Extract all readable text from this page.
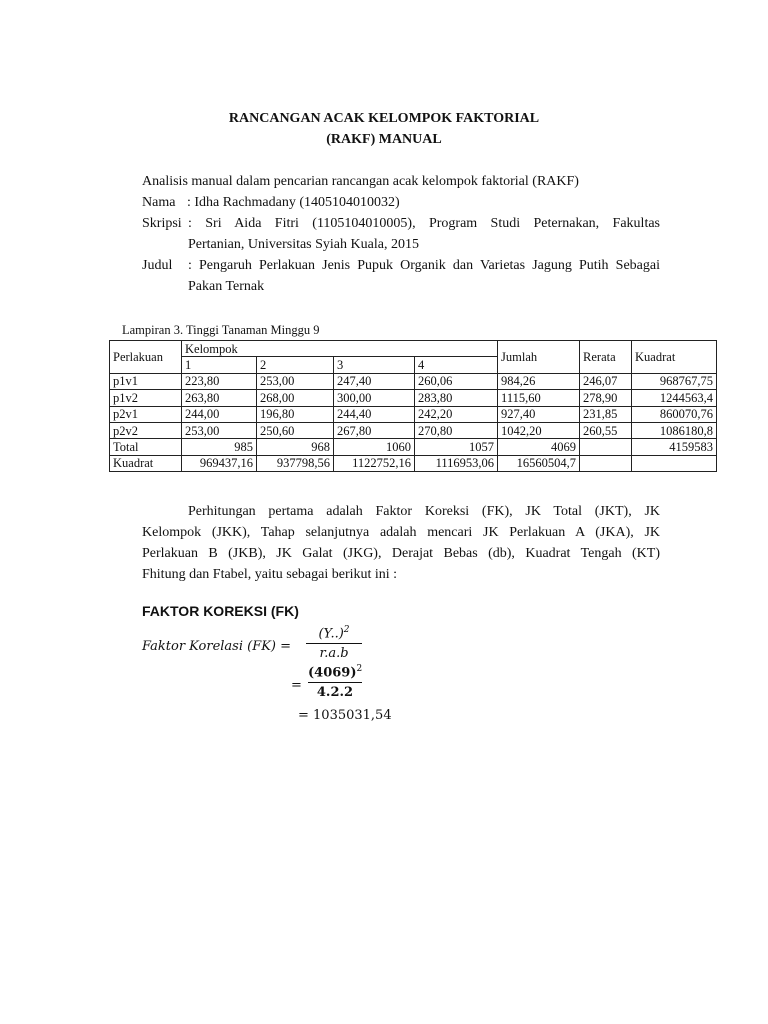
RANCANGAN ACAK KELOMPOK FAKTORIAL
(RAKF) MANUAL
Analisis manual dalam pencarian rancangan acak kelompok faktorial (RAKF)
Nama : Idha Rachmadany (1405104010032)
Skripsi : Sri Aida Fitri (1105104010005), Program Studi Peternakan, Fakultas
Pertanian, Universitas Syiah Kuala, 2015
Judul : Pengaruh Perlakuan Jenis Pupuk Organik dan Varietas Jagung Putih Sebagai
Pakan Ternak
Lampiran 3. Tinggi Tanaman Minggu 9
Perlakuan	Kelompok				Jumlah	Rerata	Kuadrat
	1	2	3	4			
p1v1	223,80	253,00	247,40	260,06	984,26	246,07	968767,75
p1v2	263,80	268,00	300,00	283,80	1115,60	278,90	1244563,4
p2v1	244,00	196,80	244,40	242,20	927,40	231,85	860070,76
p2v2	253,00	250,60	267,80	270,80	1042,20	260,55	1086180,8
Total	985	968	1060	1057	4069		4159583
Kuadrat	969437,16	937798,56	1122752,16	1116953,06	16560504,7		
Perhitungan pertama adalah Faktor Koreksi (FK), JK Total (JKT), JK
Kelompok (JKK), Tahap selanjutnya adalah mencari JK Perlakuan A (JKA), JK
Perlakuan B (JKB), JK Galat (JKG), Derajat Bebas (db), Kuadrat Tengah (KT)
Fhitung dan Ftabel, yaitu sebagai berikut ini :
FAKTOR KOREKSI (FK)
Faktor Korelasi $(FK) = \frac{(Y..)^2}{r.a.b}$
= $\frac{(4069)^2}{4.2.2}$
= 1035031,54
